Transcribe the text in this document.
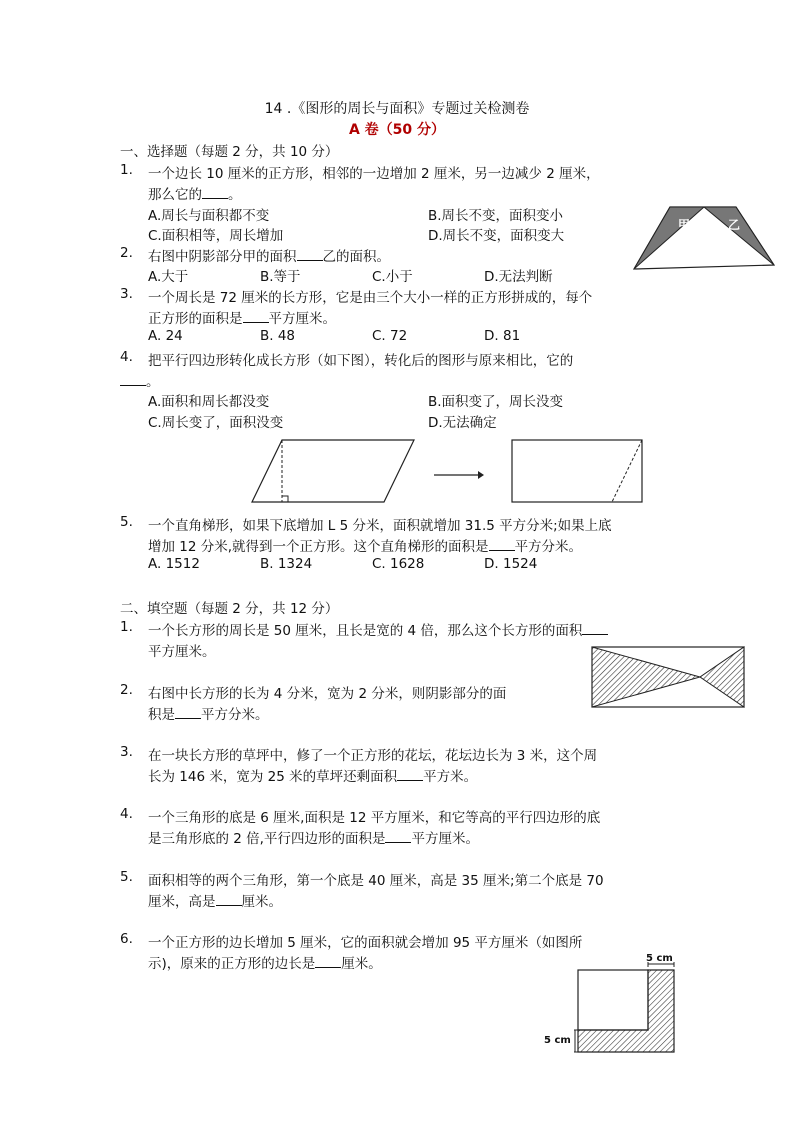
14 .《图形的周长与面积》专题过关检测卷
A 卷（50 分）
一、选择题（每题 2 分，共 10 分）
1.	一个边长 10 厘米的正方形，相邻的一边增加 2 厘米，另一边减少 2 厘米，
那么它的 。
A.周长与面积都不变	B.周长不变，面积变小
C.面积相等，周长增加	D.周长不变，面积变大
2.	右图中阴影部分甲的面积 乙的面积。
A.大于	B.等于	C.小于	D.无法判断
甲	乙
3.	一个周长是 72 厘米的长方形，它是由三个大小一样的正方形拼成的，每个
正方形的面积是 平方厘米。
A. 24	B. 48	C. 72	D. 81
4.	把平行四边形转化成长方形（如下图），转化后的图形与原来相比，它的
。
A.面积和周长都没变	B.面积变了，周长没变
C.周长变了，面积没变	D.无法确定
5.	一个直角梯形，如果下底增加 L 5 分米，面积就增加 31.5 平方分米;如果上底
增加 12 分米,就得到一个正方形。这个直角梯形的面积是 平方分米。
A. 1512	B. 1324	C. 1628	D. 1524
二、填空题（每题 2 分，共 12 分）
1.	一个长方形的周长是 50 厘米，且长是宽的 4 倍，那么这个长方形的面积
平方厘米。
2.	右图中长方形的长为 4 分米，宽为 2 分米，则阴影部分的面
积是 平方分米。
3.	在一块长方形的草坪中，修了一个正方形的花坛，花坛边长为 3 米，这个周
长为 146 米，宽为 25 米的草坪还剩面积 平方米。
4.	一个三角形的底是 6 厘米,面积是 12 平方厘米，和它等高的平行四边形的底
是三角形底的 2 倍,平行四边形的面积是 平方厘米。
5.	面积相等的两个三角形，第一个底是 40 厘米，高是 35 厘米;第二个底是 70
厘米，高是 厘米。
6.	一个正方形的边长增加 5 厘米，它的面积就会增加 95 平方厘米（如图所
示)，原来的正方形的边长是 厘米。	5 cm
5 cm
